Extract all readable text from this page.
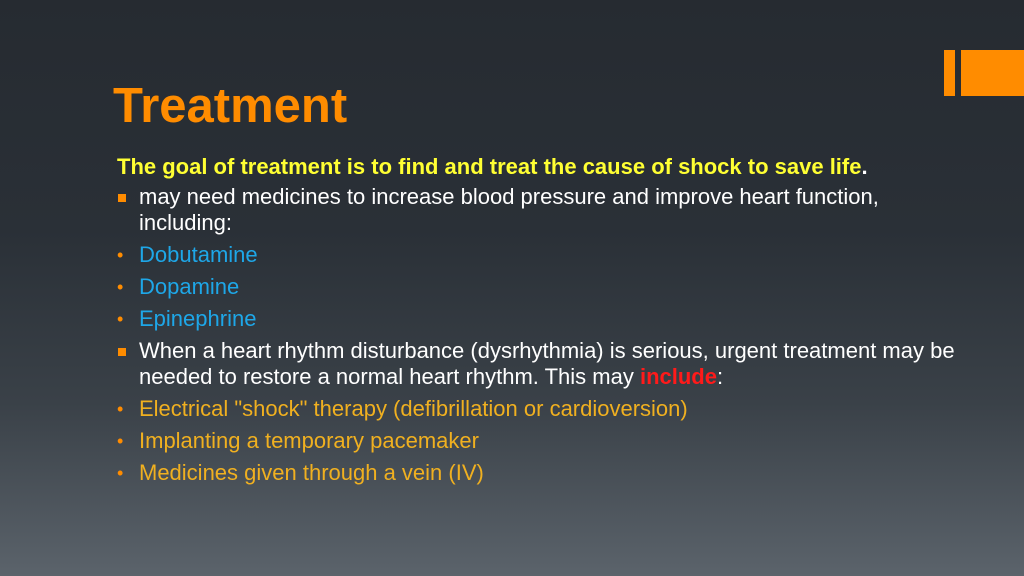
Treatment

The goal of treatment is to find and treat the cause of shock to save life.

may need medicines to increase blood pressure and improve heart function, including:
• Dobutamine
• Dopamine
• Epinephrine
When a heart rhythm disturbance (dysrhythmia) is serious, urgent treatment may be needed to restore a normal heart rhythm. This may include:
• Electrical "shock" therapy (defibrillation or cardioversion)
• Implanting a temporary pacemaker
• Medicines given through a vein (IV)
